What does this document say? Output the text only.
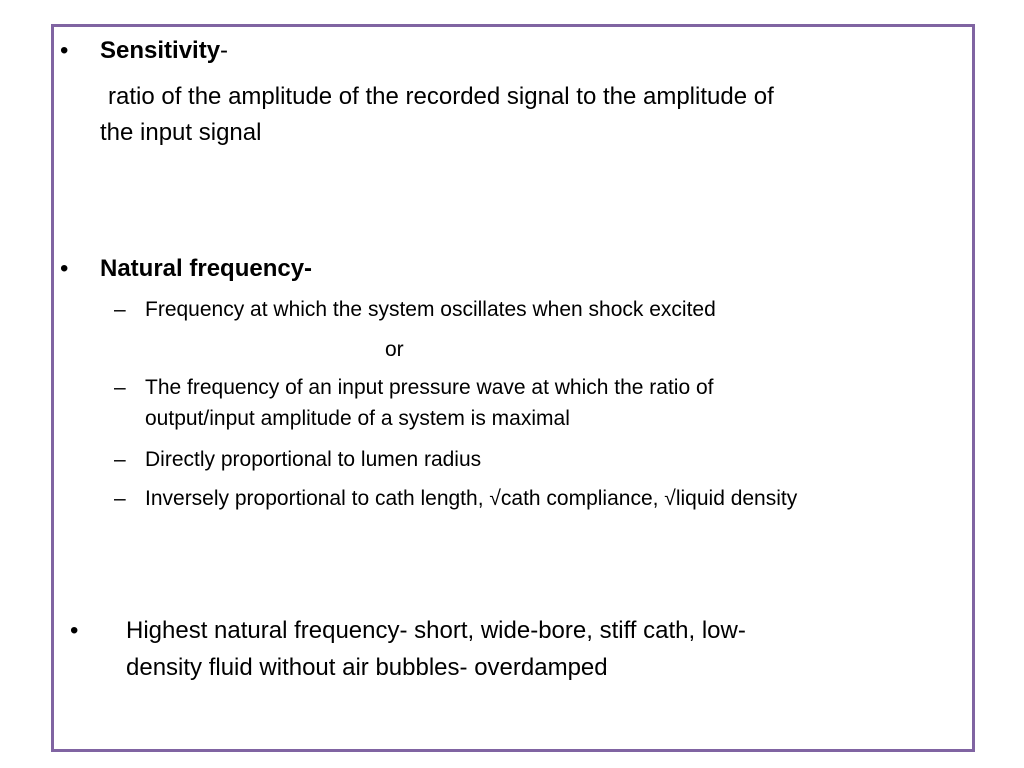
• Sensitivity-
ratio of the amplitude of the recorded signal to the amplitude of
the input signal
• Natural frequency-
– Frequency at which the system oscillates when shock excited
or
– The frequency of an input pressure wave at which the ratio of
output/input amplitude of a system is maximal
– Directly proportional to lumen radius
– Inversely proportional to cath length, √cath compliance, √liquid density
• Highest natural frequency- short, wide-bore, stiff cath, low-
density fluid without air bubbles- overdamped
